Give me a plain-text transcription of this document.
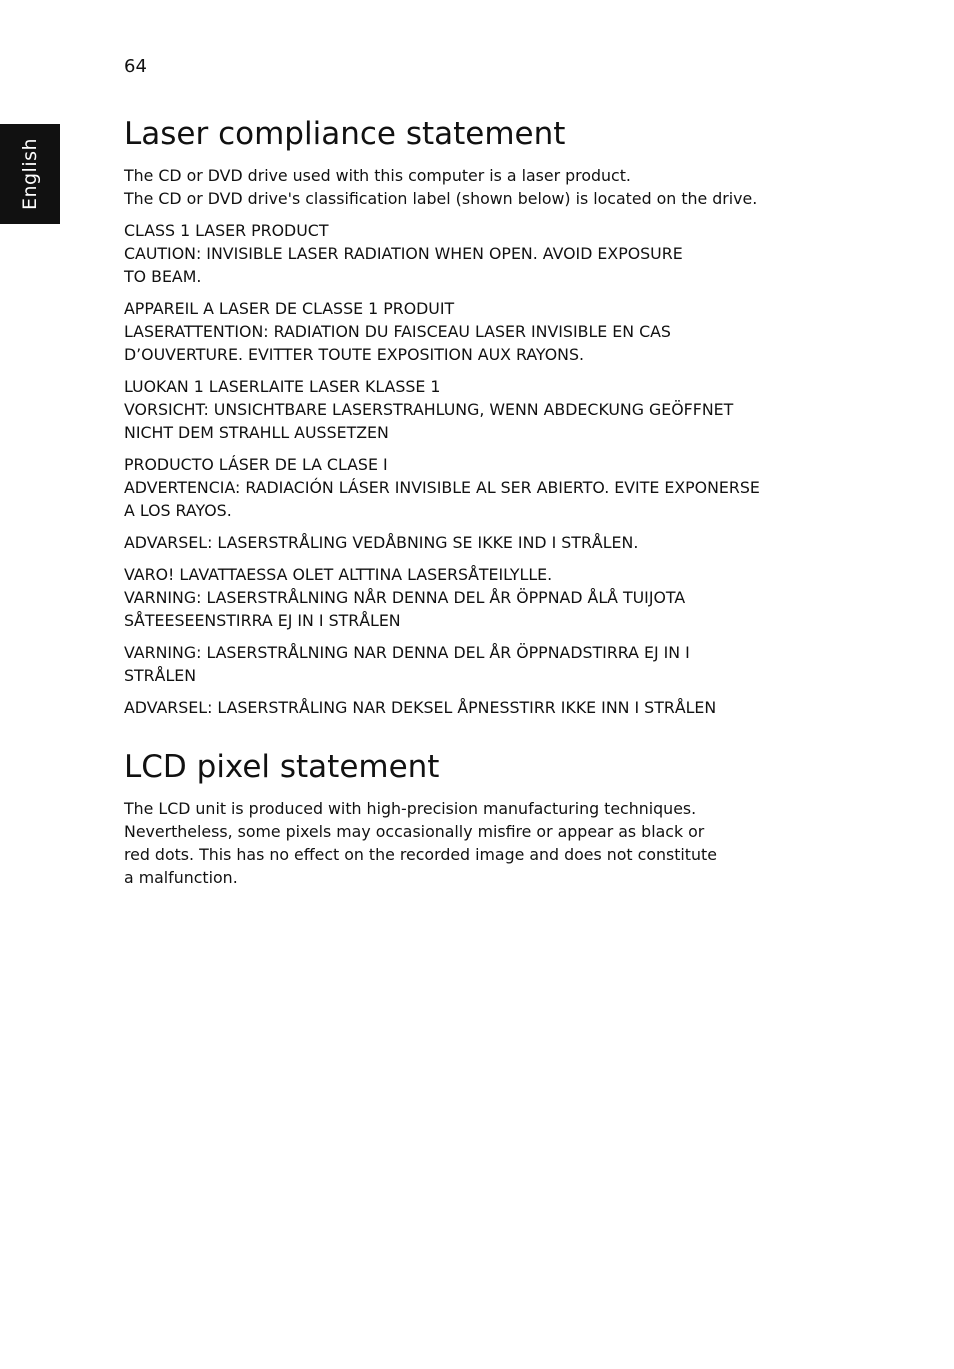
64
English
Laser compliance statement

The CD or DVD drive used with this computer is a laser product.
The CD or DVD drive's classification label (shown below) is located on the drive.

CLASS 1 LASER PRODUCT
CAUTION: INVISIBLE LASER RADIATION WHEN OPEN. AVOID EXPOSURE
TO BEAM.

APPAREIL A LASER DE CLASSE 1 PRODUIT
LASERATTENTION: RADIATION DU FAISCEAU LASER INVISIBLE EN CAS
D’OUVERTURE. EVITTER TOUTE EXPOSITION AUX RAYONS.

LUOKAN 1 LASERLAITE LASER KLASSE 1
VORSICHT: UNSICHTBARE LASERSTRAHLUNG, WENN ABDECKUNG GEÖFFNET
NICHT DEM STRAHLL AUSSETZEN

PRODUCTO LÁSER DE LA CLASE I
ADVERTENCIA: RADIACIÓN LÁSER INVISIBLE AL SER ABIERTO. EVITE EXPONERSE
A LOS RAYOS.

ADVARSEL: LASERSTRÅLING VEDÅBNING SE IKKE IND I STRÅLEN.

VARO! LAVATTAESSA OLET ALTTINA LASERSÅTEILYLLE.
VARNING: LASERSTRÅLNING NÅR DENNA DEL ÅR ÖPPNAD ÅLÅ TUIJOTA
SÅTEESEENSTIRRA EJ IN I STRÅLEN

VARNING: LASERSTRÅLNING NAR DENNA DEL ÅR ÖPPNADSTIRRA EJ IN I
STRÅLEN

ADVARSEL: LASERSTRÅLING NAR DEKSEL ÅPNESSTIRR IKKE INN I STRÅLEN

LCD pixel statement

The LCD unit is produced with high-precision manufacturing techniques.
Nevertheless, some pixels may occasionally misfire or appear as black or
red dots. This has no effect on the recorded image and does not constitute
a malfunction.
